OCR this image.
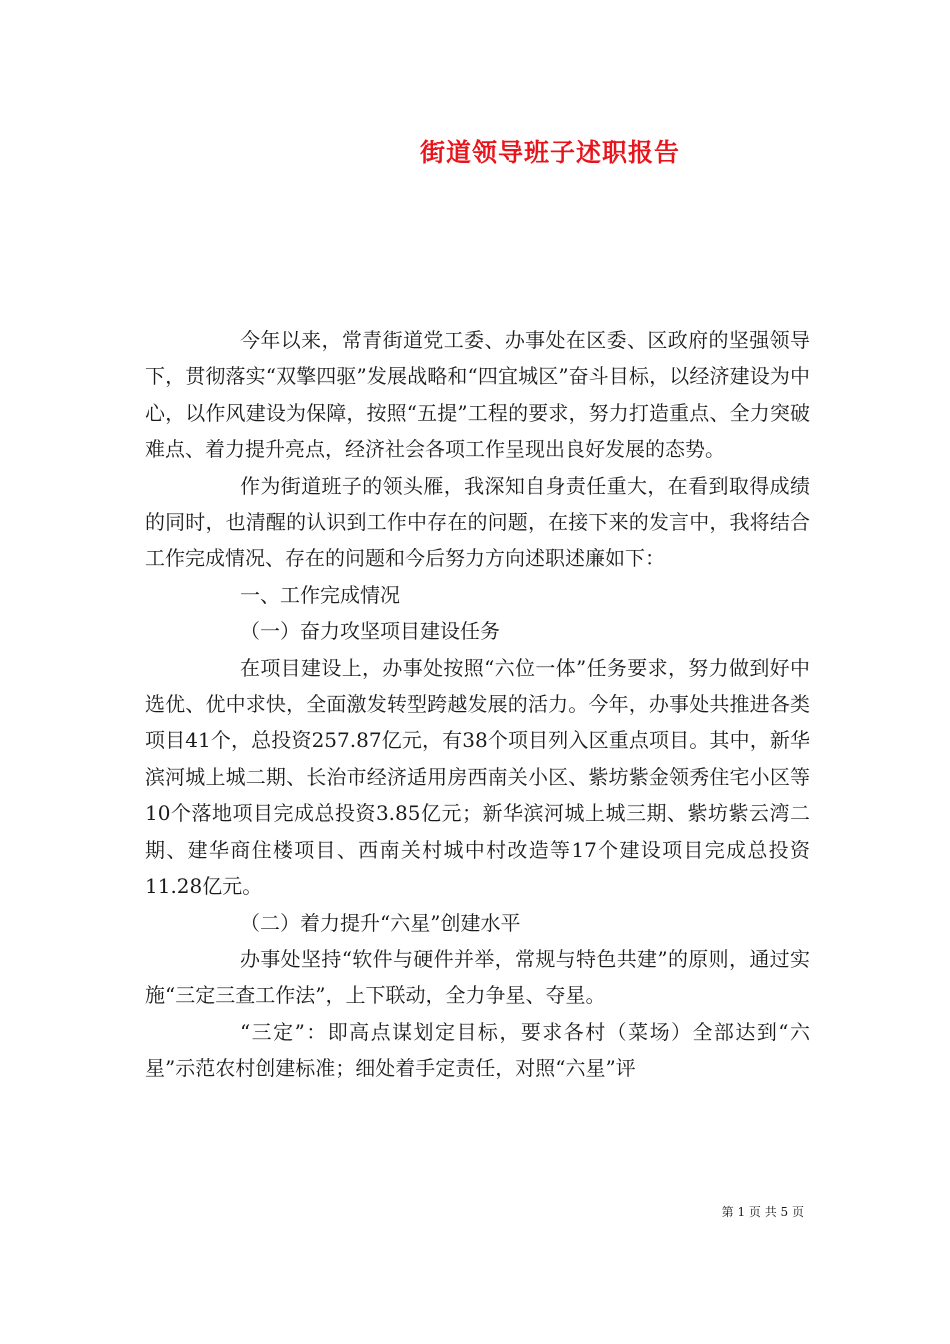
街道领导班子述职报告

今年以来，常青街道党工委、办事处在区委、区政府的坚强领导下，贯彻落实“双擎四驱”发展战略和“四宜城区”奋斗目标，以经济建设为中心，以作风建设为保障，按照“五提”工程的要求，努力打造重点、全力突破难点、着力提升亮点，经济社会各项工作呈现出良好发展的态势。

作为街道班子的领头雁，我深知自身责任重大，在看到取得成绩的同时，也清醒的认识到工作中存在的问题，在接下来的发言中，我将结合工作完成情况、存在的问题和今后努力方向述职述廉如下：

一、工作完成情况

（一）奋力攻坚项目建设任务

在项目建设上，办事处按照“六位一体”任务要求，努力做到好中选优、优中求快，全面激发转型跨越发展的活力。今年，办事处共推进各类项目41个，总投资257.87亿元，有38个项目列入区重点项目。其中，新华滨河城上城二期、长治市经济适用房西南关小区、紫坊紫金领秀住宅小区等10个落地项目完成总投资3.85亿元；新华滨河城上城三期、紫坊紫云湾二期、建华商住楼项目、西南关村城中村改造等17个建设项目完成总投资11.28亿元。

（二）着力提升“六星”创建水平

办事处坚持“软件与硬件并举，常规与特色共建”的原则，通过实施“三定三查工作法”，上下联动，全力争星、夺星。

“三定”：即高点谋划定目标，要求各村（菜场）全部达到“六星”示范农村创建标准；细处着手定责任，对照“六星”评

第 1 页 共 5 页
